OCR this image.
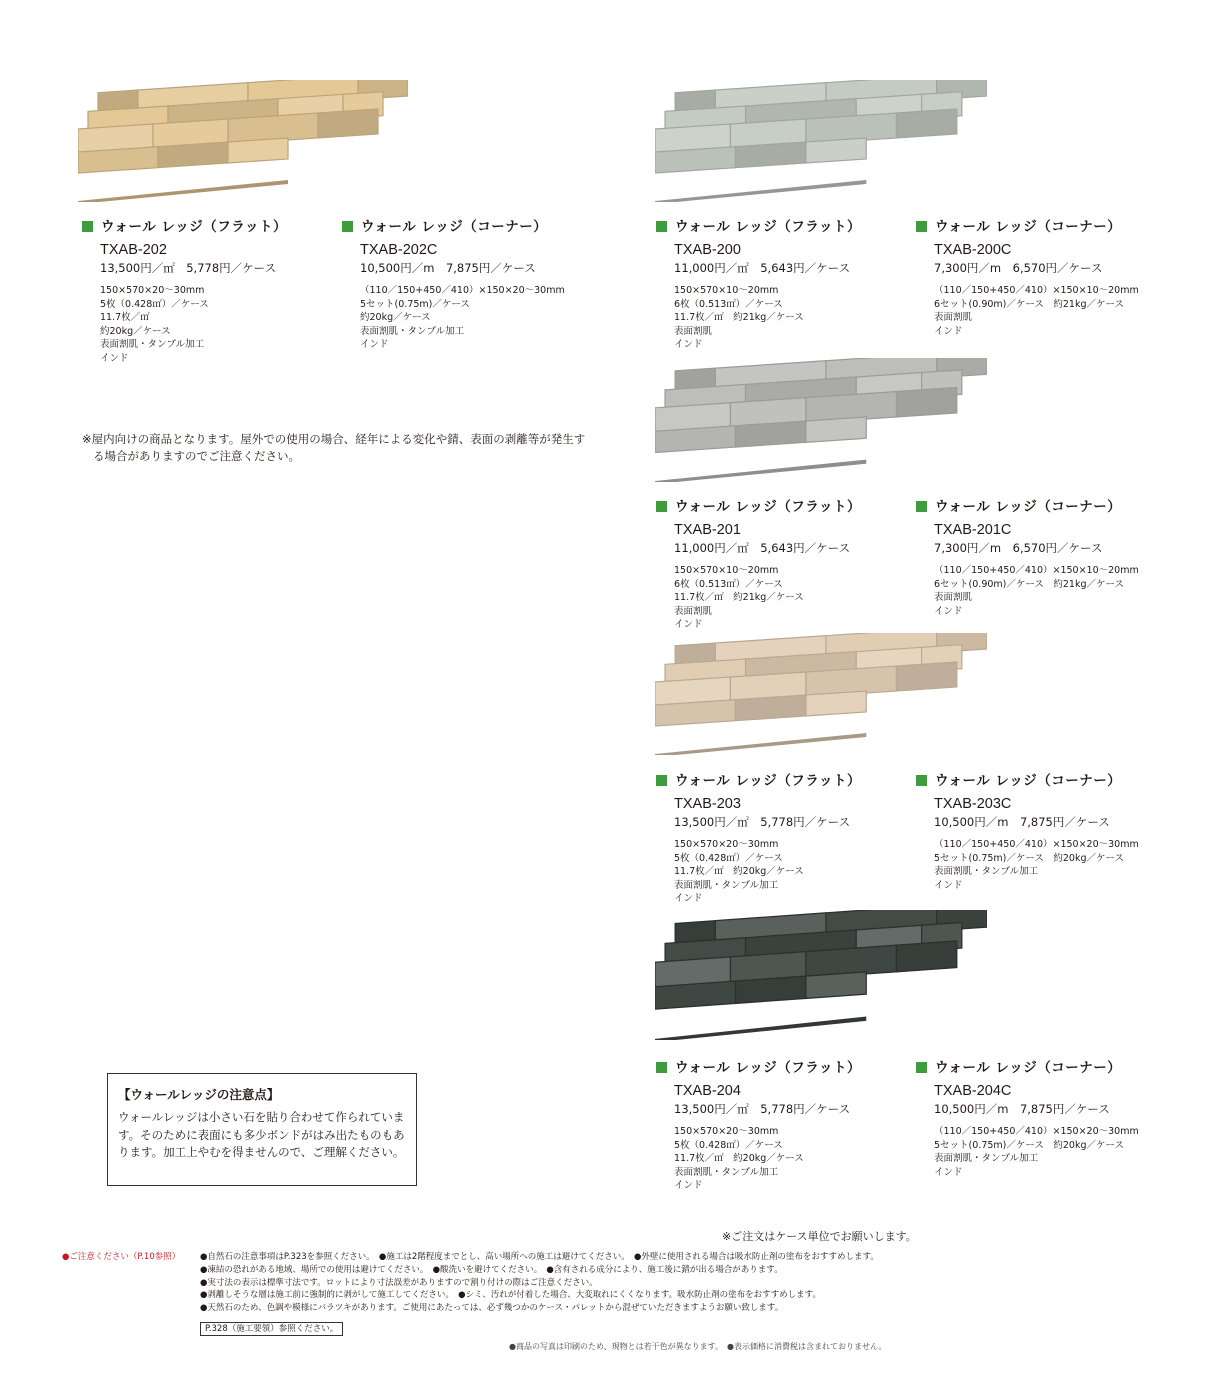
ウォール レッジ（フラット）
TXAB-202
13,500円／㎡　5,778円／ケース
150×570×20～30mm
5枚（0.428㎡）／ケース
11.7枚／㎡
約20kg／ケース
表面割肌・タンブル加工
インド
ウォール レッジ（コーナー）
TXAB-202C
10,500円／m　7,875円／ケース
（110／150+450／410）×150×20～30mm
5セット(0.75m)／ケース
約20kg／ケース
表面割肌・タンブル加工
インド
ウォール レッジ（フラット）
TXAB-200
11,000円／㎡　5,643円／ケース
150×570×10～20mm
6枚（0.513㎡）／ケース
11.7枚／㎡　約21kg／ケース
表面割肌
インド
ウォール レッジ（コーナー）
TXAB-200C
7,300円／m　6,570円／ケース
（110／150+450／410）×150×10～20mm
6セット(0.90m)／ケース　約21kg／ケース
表面割肌
インド
ウォール レッジ（フラット）
TXAB-201
11,000円／㎡　5,643円／ケース
150×570×10～20mm
6枚（0.513㎡）／ケース
11.7枚／㎡　約21kg／ケース
表面割肌
インド
ウォール レッジ（コーナー）
TXAB-201C
7,300円／m　6,570円／ケース
（110／150+450／410）×150×10～20mm
6セット(0.90m)／ケース　約21kg／ケース
表面割肌
インド
ウォール レッジ（フラット）
TXAB-203
13,500円／㎡　5,778円／ケース
150×570×20～30mm
5枚（0.428㎡）／ケース
11.7枚／㎡　約20kg／ケース
表面割肌・タンブル加工
インド
ウォール レッジ（コーナー）
TXAB-203C
10,500円／m　7,875円／ケース
（110／150+450／410）×150×20～30mm
5セット(0.75m)／ケース　約20kg／ケース
表面割肌・タンブル加工
インド
ウォール レッジ（フラット）
TXAB-204
13,500円／㎡　5,778円／ケース
150×570×20～30mm
5枚（0.428㎡）／ケース
11.7枚／㎡　約20kg／ケース
表面割肌・タンブル加工
インド
ウォール レッジ（コーナー）
TXAB-204C
10,500円／m　7,875円／ケース
（110／150+450／410）×150×20～30mm
5セット(0.75m)／ケース　約20kg／ケース
表面割肌・タンブル加工
インド
※屋内向けの商品となります。屋外での使用の場合、経年による変化や錆、表面の剥離等が発生する場合がありますのでご注意ください。
【ウォールレッジの注意点】
ウォールレッジは小さい石を貼り合わせて作られています。そのために表面にも多少ボンドがはみ出たものもあります。加工上やむを得ませんので、ご理解ください。
※ご注文はケース単位でお願いします。
●ご注意ください（P.10参照） ●自然石の注意事項はP.323を参照ください。　●施工は2階程度までとし、高い場所への施工は避けてください。　●外壁に使用される場合は吸水防止剤の塗布をおすすめします。
●凍結の恐れがある地域、場所での使用は避けてください。　●酸洗いを避けてください。　●含有される成分により、施工後に錆が出る場合があります。
●実寸法の表示は標準寸法です。ロットにより寸法誤差がありますので割り付けの際はご注意ください。
●剥離しそうな層は施工前に強制的に剥がして施工してください。　●シミ、汚れが付着した場合、大変取れにくくなります。吸水防止剤の塗布をおすすめします。
●天然石のため、色調や模様にバラツキがあります。ご使用にあたっては、必ず幾つかのケース・パレットから混ぜていただきますようお願い致します。
P.328（施工要領）参照ください。
●商品の写真は印刷のため、現物とは若干色が異なります。　●表示価格に消費税は含まれておりません。
